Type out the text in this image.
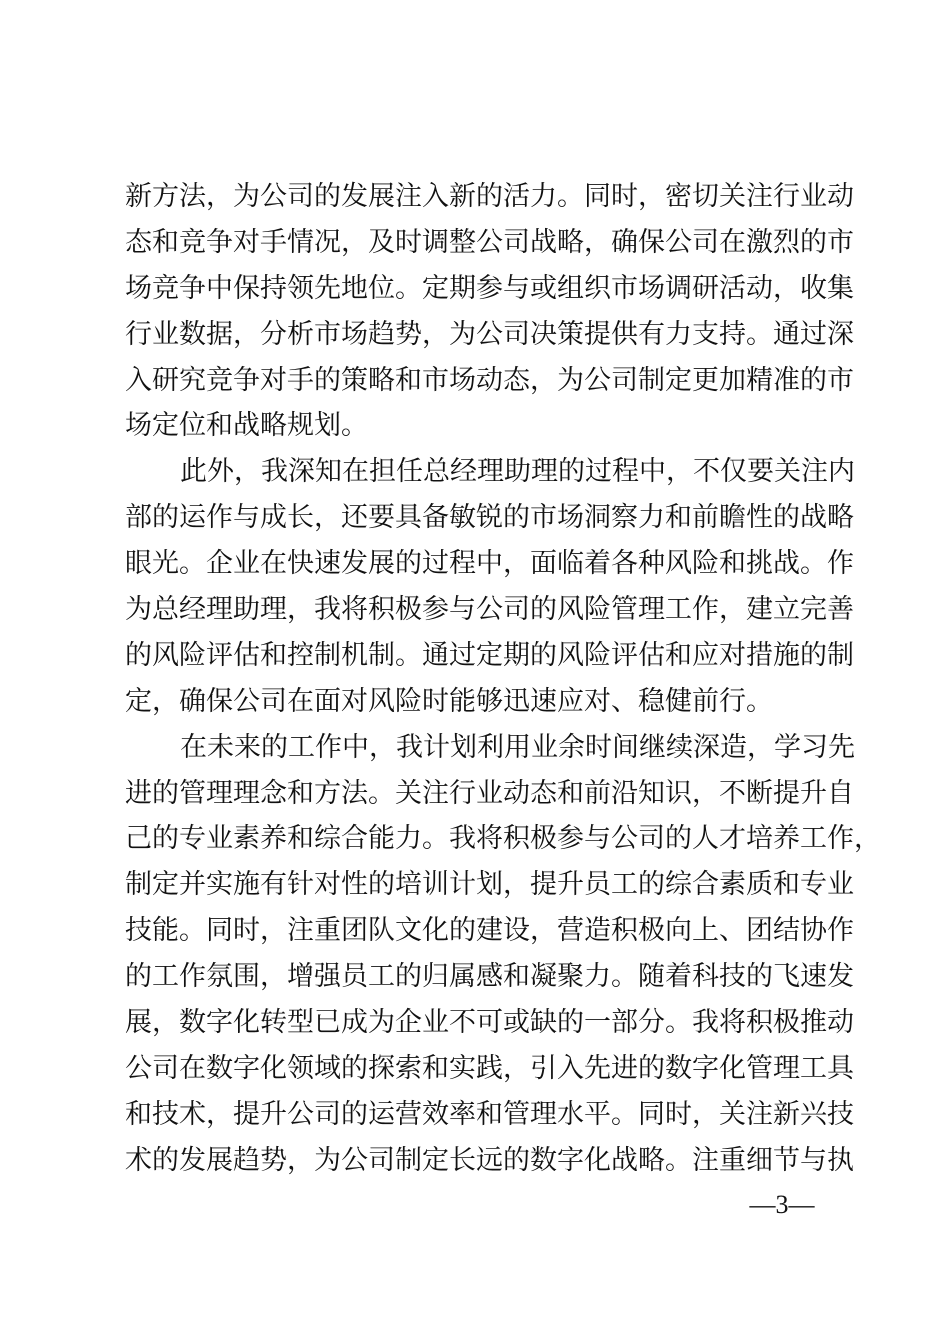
新方法，为公司的发展注入新的活力。同时，密切关注行业动
态和竞争对手情况，及时调整公司战略，确保公司在激烈的市
场竞争中保持领先地位。定期参与或组织市场调研活动，收集
行业数据，分析市场趋势，为公司决策提供有力支持。通过深
入研究竞争对手的策略和市场动态，为公司制定更加精准的市
场定位和战略规划。
此外，我深知在担任总经理助理的过程中，不仅要关注内
部的运作与成长，还要具备敏锐的市场洞察力和前瞻性的战略
眼光。企业在快速发展的过程中，面临着各种风险和挑战。作
为总经理助理，我将积极参与公司的风险管理工作，建立完善
的风险评估和控制机制。通过定期的风险评估和应对措施的制
定，确保公司在面对风险时能够迅速应对、稳健前行。
在未来的工作中，我计划利用业余时间继续深造，学习先
进的管理理念和方法。关注行业动态和前沿知识，不断提升自
己的专业素养和综合能力。我将积极参与公司的人才培养工作，
制定并实施有针对性的培训计划，提升员工的综合素质和专业
技能。同时，注重团队文化的建设，营造积极向上、团结协作
的工作氛围，增强员工的归属感和凝聚力。随着科技的飞速发
展，数字化转型已成为企业不可或缺的一部分。我将积极推动
公司在数字化领域的探索和实践，引入先进的数字化管理工具
和技术，提升公司的运营效率和管理水平。同时，关注新兴技
术的发展趋势，为公司制定长远的数字化战略。注重细节与执
—3—
